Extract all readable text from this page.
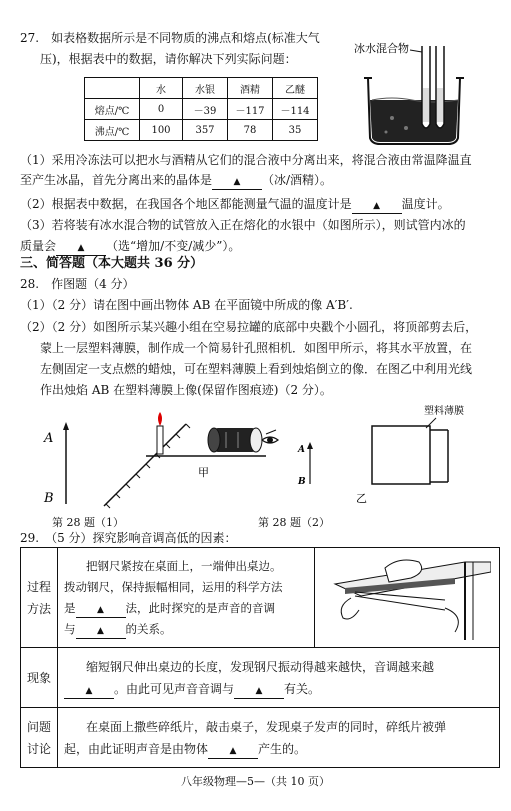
27.　如表格数据所示是不同物质的沸点和熔点(标准大气
压)，根据表中的数据，请你解决下列实际问题：
冰水混合物
	水	水银	酒精	乙醚
熔点/℃	0	－39	－117	－114
沸点/℃	100	357	78	35
（1）采用冷冻法可以把水与酒精从它们的混合液中分离出来，将混合液由常温降温直
至产生冰晶，首先分离出来的晶体是 ▲ （冰/酒精）。
（2）根据表中数据，在我国各个地区都能测量气温的温度计是 ▲ 温度计。
（3）若将装有冰水混合物的试管放入正在熔化的水银中（如图所示），则试管内冰的
质量会 ▲ （选“增加/不变/减少”）。
三、简答题（本大题共 36 分）
28.　作图题（4 分）
（1）（2 分）请在图中画出物体 AB 在平面镜中所成的像 A′B′.
（2）（2 分）如图所示某兴趣小组在空易拉罐的底部中央戳个小圆孔，将顶部剪去后，
蒙上一层塑料薄膜，制作成一个简易针孔照相机．如图甲所示，将其水平放置，在
左侧固定一支点燃的蜡烛，可在塑料薄膜上看到烛焰倒立的像．在图乙中利用光线
作出烛焰 AB 在塑料薄膜上像(保留作图痕迹)（2 分）。
A
B
甲
A
B
塑料薄膜
乙
第 28 题（1）	第 28 题（2）
29.　（5 分）探究影响音调高低的因素：
过程方法	把钢尺紧按在桌面上，一端伸出桌边。
拨动钢尺，保持振幅相同，运用的科学方法
是 ▲ 法，此时探究的是声音的音调
与 ▲ 的关系。

现象	缩短钢尺伸出桌边的长度，发现钢尺振动得越来越快，音调越来越
▲ 。由此可见声音音调与 ▲ 有关。	

问题讨论	在桌面上撒些碎纸片，敲击桌子，发现桌子发声的同时，碎纸片被弹
起，由此证明声音是由物体 ▲ 产生的。	
八年级物理—5—（共 10 页）
